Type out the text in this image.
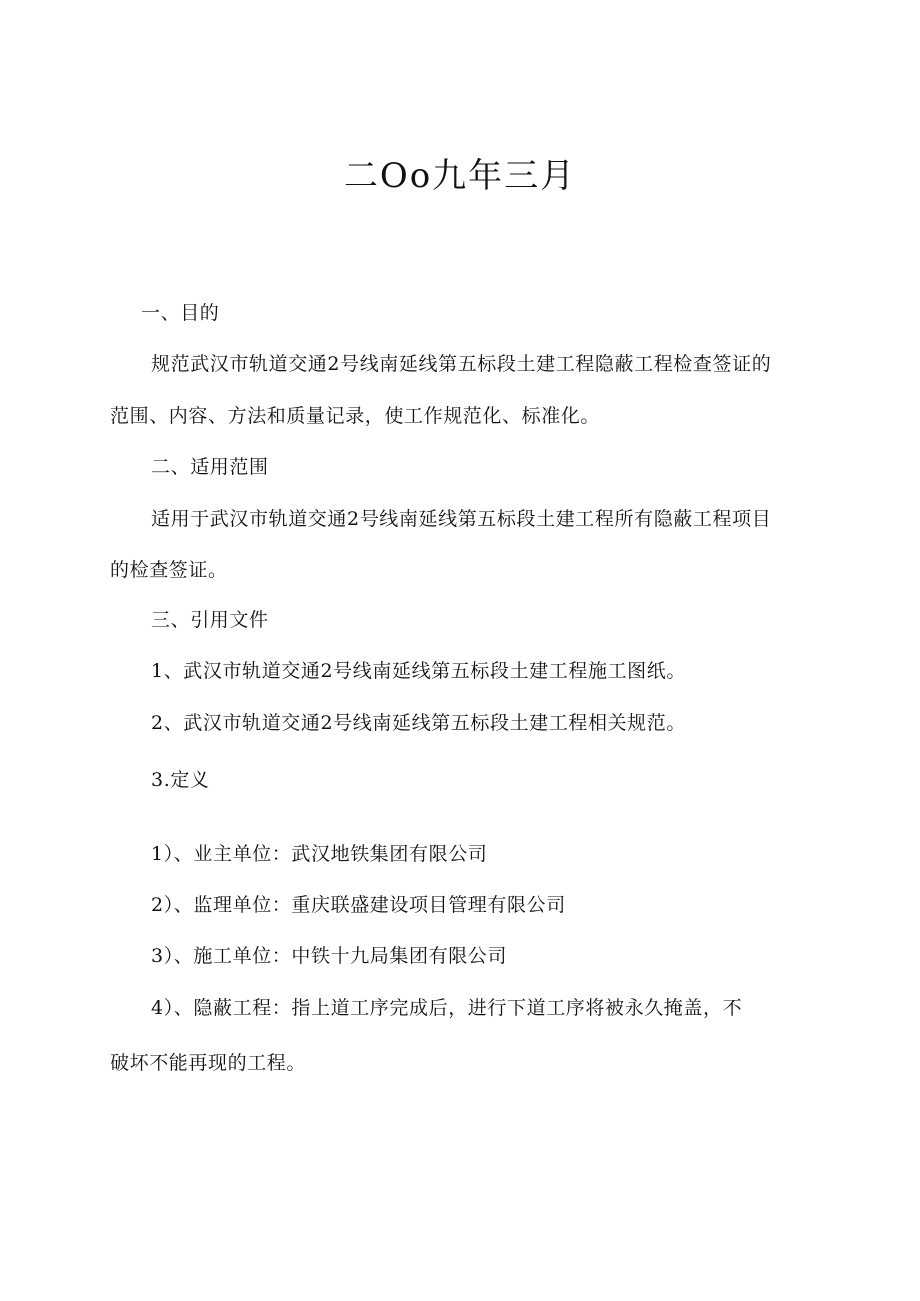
二Oo九年三月
一、目的
规范武汉市轨道交通2号线南延线第五标段土建工程隐蔽工程检查签证的
范围、内容、方法和质量记录，使工作规范化、标准化。
二、适用范围
适用于武汉市轨道交通2号线南延线第五标段土建工程所有隐蔽工程项目
的检查签证。
三、引用文件
1、武汉市轨道交通2号线南延线第五标段土建工程施工图纸。
2、武汉市轨道交通2号线南延线第五标段土建工程相关规范。
3.定义
1）、业主单位：武汉地铁集团有限公司
2）、监理单位：重庆联盛建设项目管理有限公司
3）、施工单位：中铁十九局集团有限公司
4）、隐蔽工程：指上道工序完成后，进行下道工序将被永久掩盖，不
破坏不能再现的工程。
